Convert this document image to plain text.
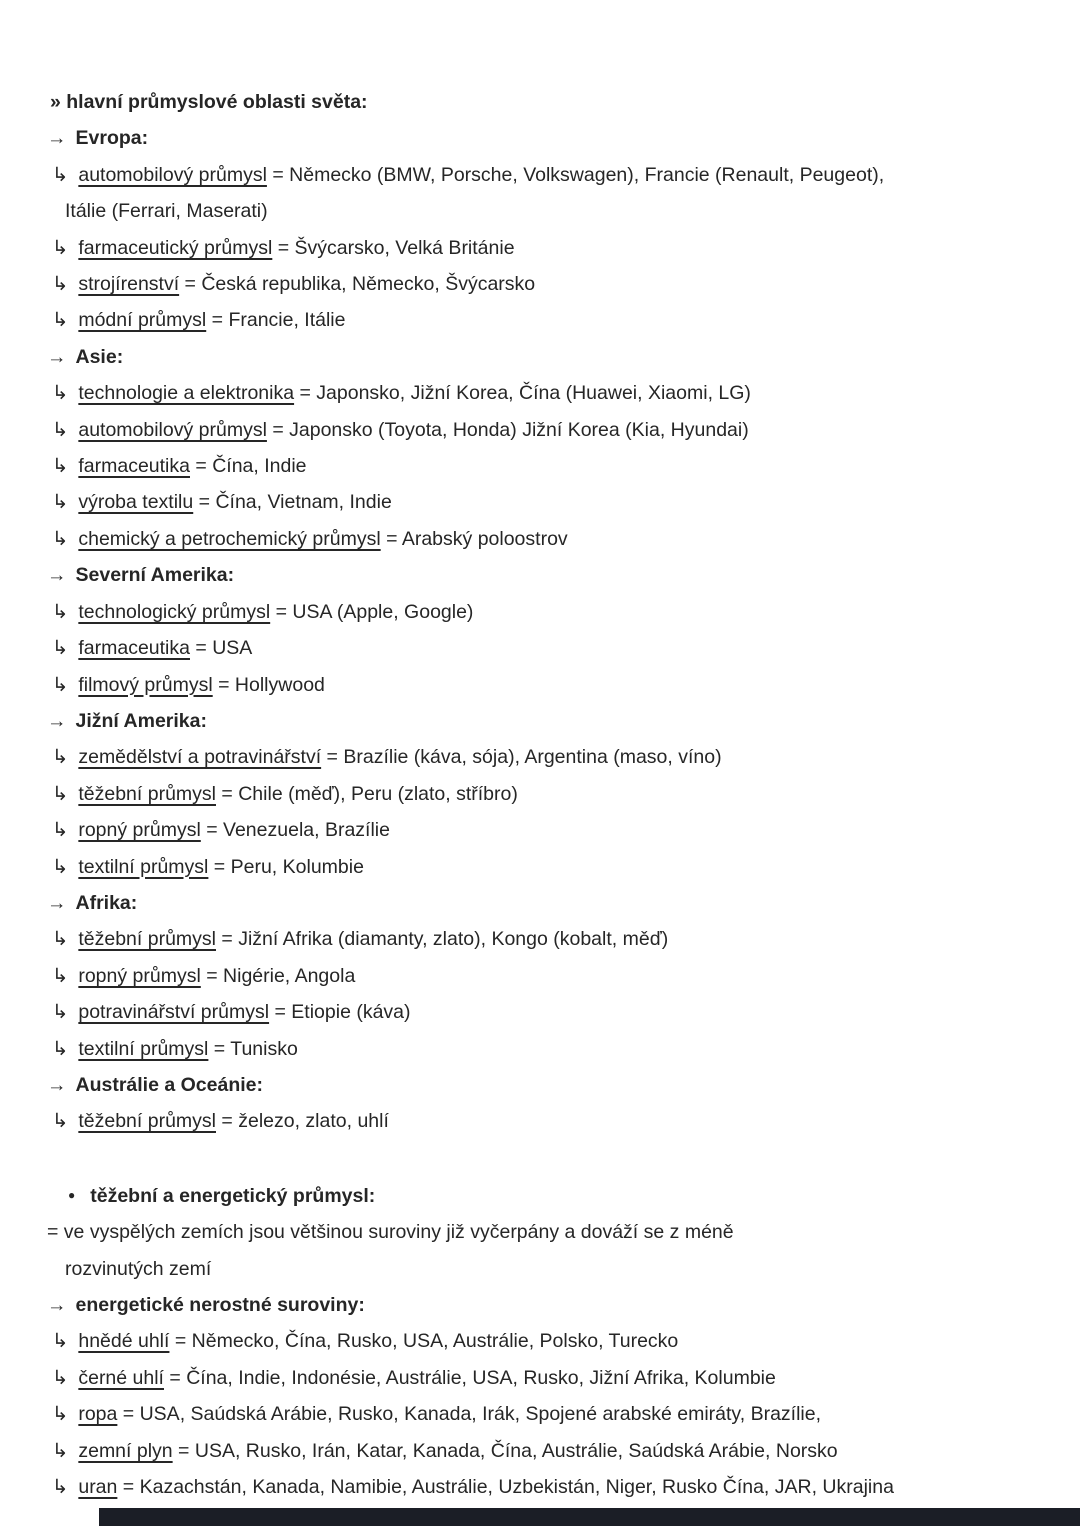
» hlavní průmyslové oblasti světa:

→ Evropa:

↳ automobilový průmysl = Německo (BMW, Porsche, Volkswagen), Francie (Renault, Peugeot),

Itálie (Ferrari, Maserati)

↳ farmaceutický průmysl = Švýcarsko, Velká Británie

↳ strojírenství = Česká republika, Německo, Švýcarsko

↳ módní průmysl = Francie, Itálie

→ Asie:

↳ technologie a elektronika = Japonsko, Jižní Korea, Čína (Huawei, Xiaomi, LG)

↳ automobilový průmysl = Japonsko (Toyota, Honda) Jižní Korea (Kia, Hyundai)

↳ farmaceutika = Čína, Indie

↳ výroba textilu = Čína, Vietnam, Indie

↳ chemický a petrochemický průmysl = Arabský poloostrov

→ Severní Amerika:

↳ technologický průmysl = USA (Apple, Google)

↳ farmaceutika = USA

↳ filmový průmysl = Hollywood

→ Jižní Amerika:

↳ zemědělství a potravinářství = Brazílie (káva, sója), Argentina (maso, víno)

↳ těžební průmysl = Chile (měď), Peru (zlato, stříbro)

↳ ropný průmysl = Venezuela, Brazílie

↳ textilní průmysl = Peru, Kolumbie

→ Afrika:

↳ těžební průmysl = Jižní Afrika (diamanty, zlato), Kongo (kobalt, měď)

↳ ropný průmysl = Nigérie, Angola

↳ potravinářství průmysl = Etiopie (káva)

↳ textilní průmysl = Tunisko

→ Austrálie a Oceánie:

↳ těžební průmysl = železo, zlato, uhlí

● těžební a energetický průmysl:

= ve vyspělých zemích jsou většinou suroviny již vyčerpány a dováží se z méně

rozvinutých zemí

→ energetické nerostné suroviny:

↳ hnědé uhlí = Německo, Čína, Rusko, USA, Austrálie, Polsko, Turecko

↳ černé uhlí = Čína, Indie, Indonésie, Austrálie, USA, Rusko, Jižní Afrika, Kolumbie

↳ ropa = USA, Saúdská Arábie, Rusko, Kanada, Irák, Spojené arabské emiráty, Brazílie,

↳ zemní plyn = USA, Rusko, Irán, Katar, Kanada, Čína, Austrálie, Saúdská Arábie, Norsko

↳ uran = Kazachstán, Kanada, Namibie, Austrálie, Uzbekistán, Niger, Rusko Čína, JAR, Ukrajina
